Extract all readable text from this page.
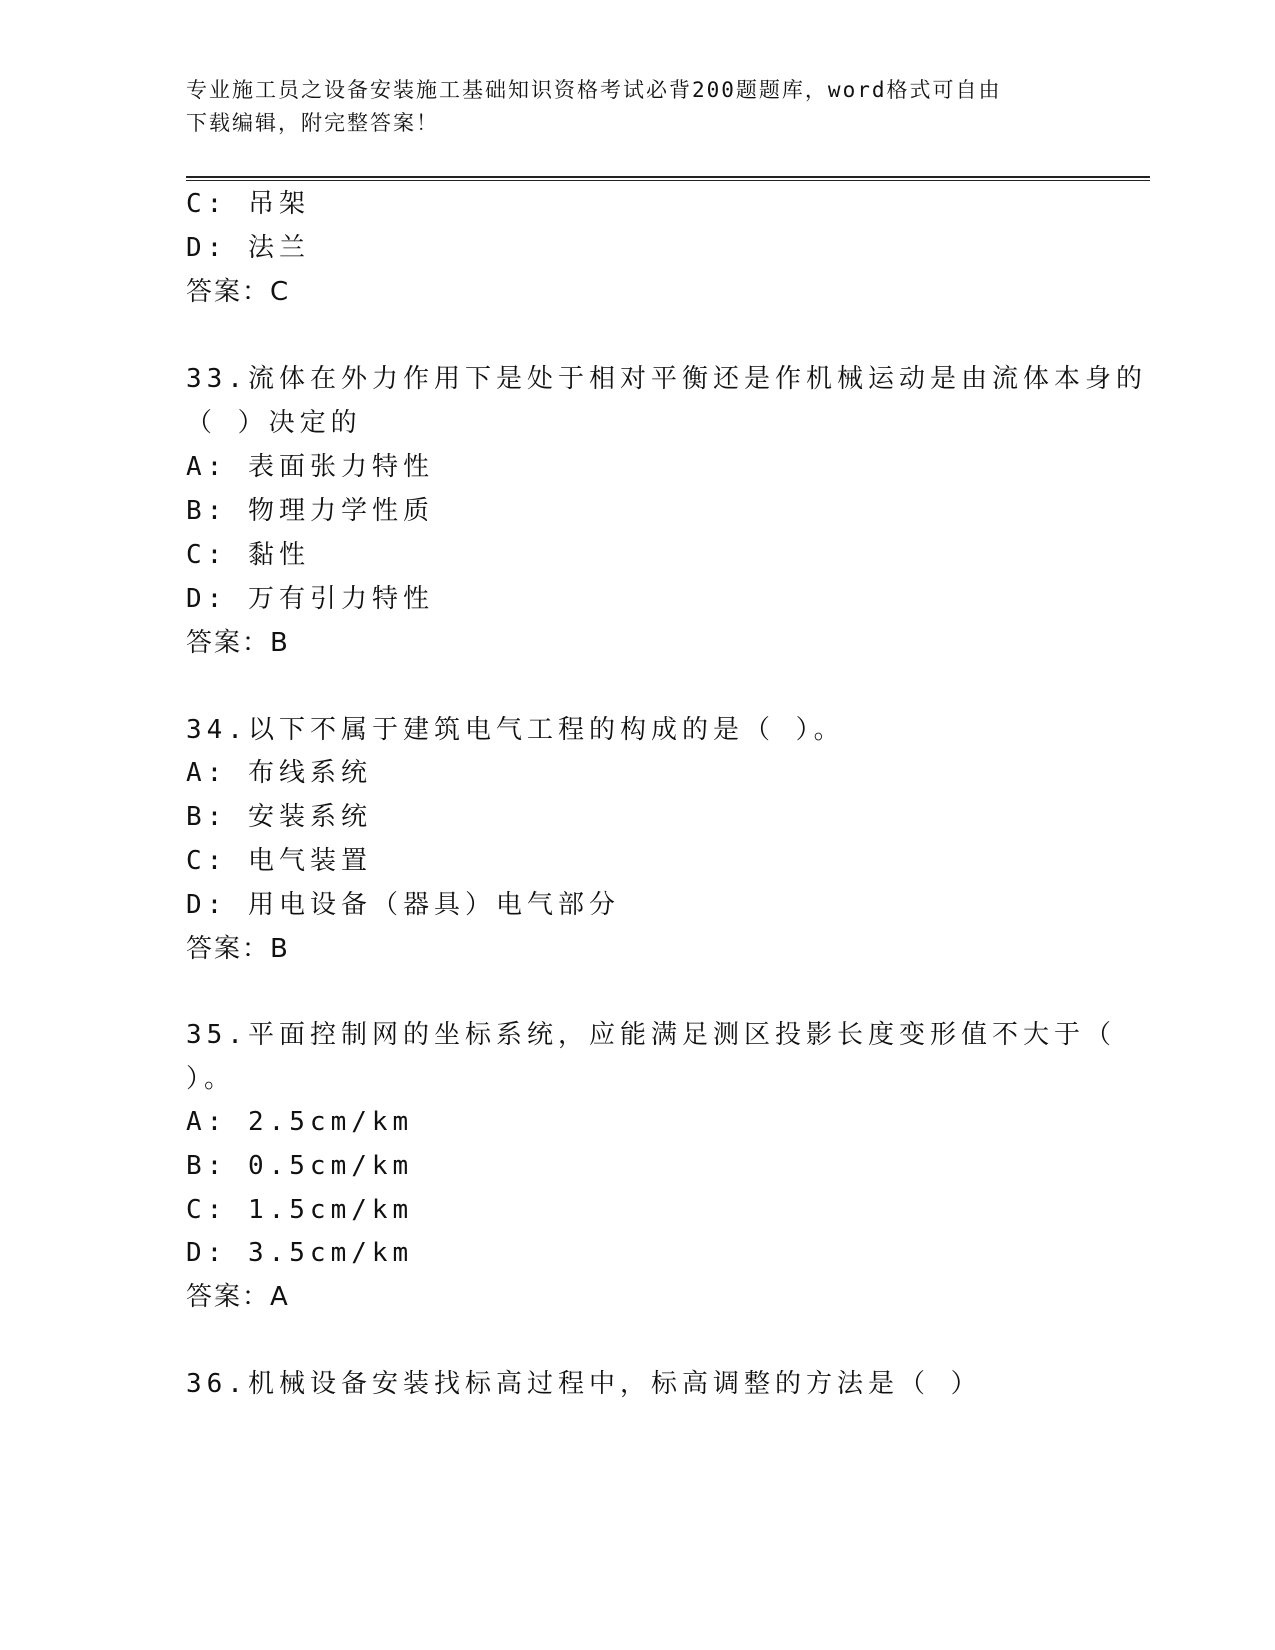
专业施工员之设备安装施工基础知识资格考试必背200题题库，word格式可自由
下载编辑，附完整答案！
C: 吊架
D: 法兰
答案：C
33.流体在外力作用下是处于相对平衡还是作机械运动是由流体本身的
（ ）决定的
A: 表面张力特性
B: 物理力学性质
C: 黏性
D: 万有引力特性
答案：B
34.以下不属于建筑电气工程的构成的是（ ）。
A: 布线系统
B: 安装系统
C: 电气装置
D: 用电设备（器具）电气部分
答案：B
35.平面控制网的坐标系统，应能满足测区投影长度变形值不大于（
）。
A: 2.5cm/km
B: 0.5cm/km
C: 1.5cm/km
D: 3.5cm/km
答案：A
36.机械设备安装找标高过程中，标高调整的方法是（ ）
